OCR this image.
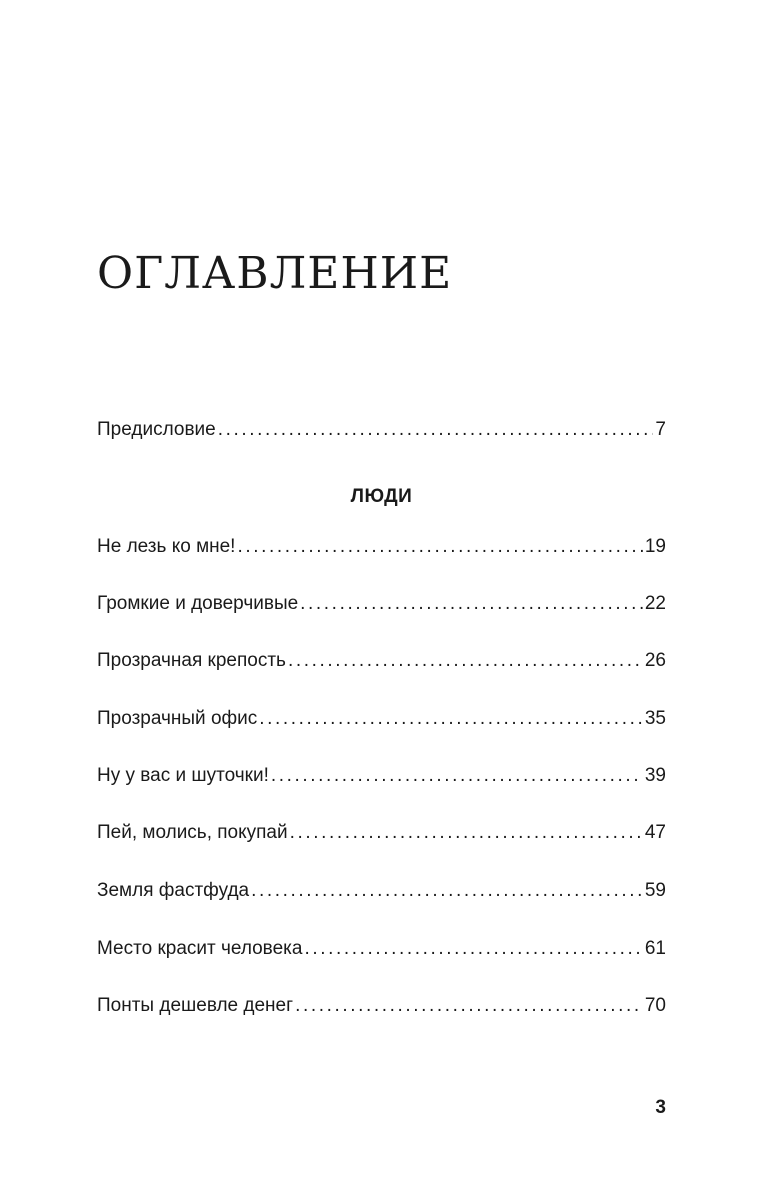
ОГЛАВЛЕНИЕ
Предисловие .....	7
ЛЮДИ
Не лезь ко мне! .....	19
Громкие и доверчивые .....	22
Прозрачная крепость .....	26
Прозрачный офис .....	35
Ну у вас и шуточки! .....	39
Пей, молись, покупай .....	47
Земля фастфуда .....	59
Место красит человека .....	61
Понты дешевле денег .....	70
3
